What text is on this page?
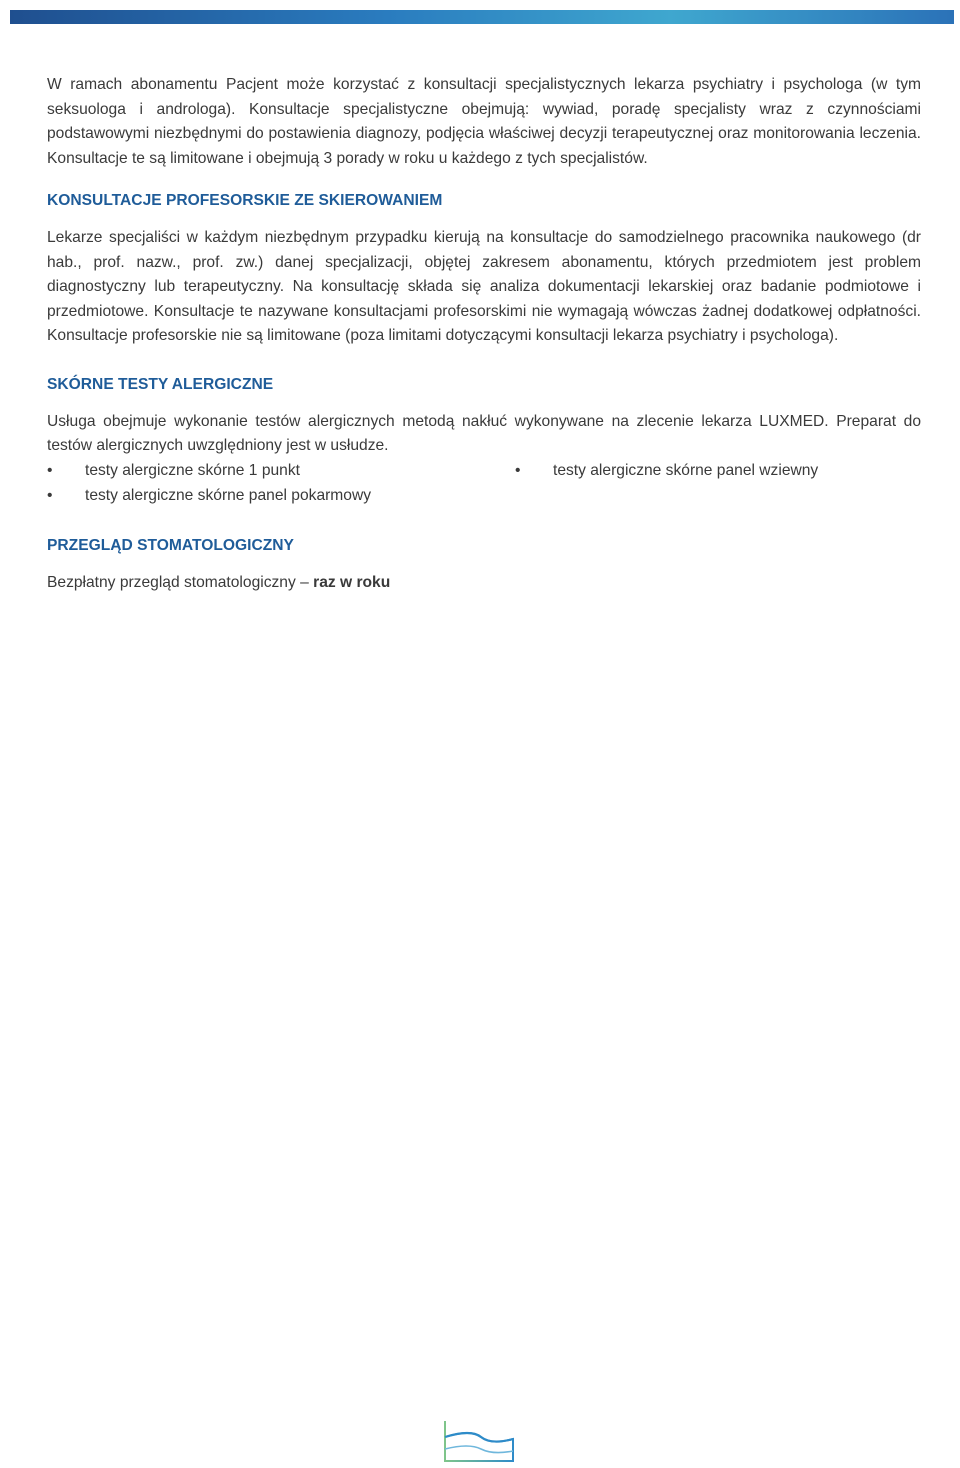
W ramach abonamentu Pacjent może korzystać z konsultacji specjalistycznych lekarza psychiatry i psychologa (w tym seksuologa i androloga). Konsultacje specjalistyczne obejmują: wywiad, poradę specjalisty wraz z czynnościami podstawowymi niezbędnymi do postawienia diagnozy, podjęcia właściwej decyzji terapeutycznej oraz monitorowania leczenia. Konsultacje te są limitowane i obejmują 3 porady w roku u każdego z tych specjalistów.

KONSULTACJE PROFESORSKIE ZE SKIEROWANIEM

Lekarze specjaliści w każdym niezbędnym przypadku kierują na konsultacje do samodzielnego pracownika naukowego (dr hab., prof. nazw., prof. zw.) danej specjalizacji, objętej zakresem abonamentu, których przedmiotem jest problem diagnostyczny lub terapeutyczny. Na konsultację składa się analiza dokumentacji lekarskiej oraz badanie podmiotowe i przedmiotowe. Konsultacje te nazywane konsultacjami profesorskimi nie wymagają wówczas żadnej dodatkowej odpłatności. Konsultacje profesorskie nie są limitowane (poza limitami dotyczącymi konsultacji lekarza psychiatry i psychologa).

SKÓRNE TESTY ALERGICZNE

Usługa obejmuje wykonanie testów alergicznych metodą nakłuć wykonywane na zlecenie lekarza LUXMED. Preparat do testów alergicznych uwzględniony jest w usłudze.

• testy alergiczne skórne 1 punkt	• testy alergiczne skórne panel wziewny
• testy alergiczne skórne panel pokarmowy
PRZEGLĄD STOMATOLOGICZNY

Bezpłatny przegląd stomatologiczny – raz w roku
